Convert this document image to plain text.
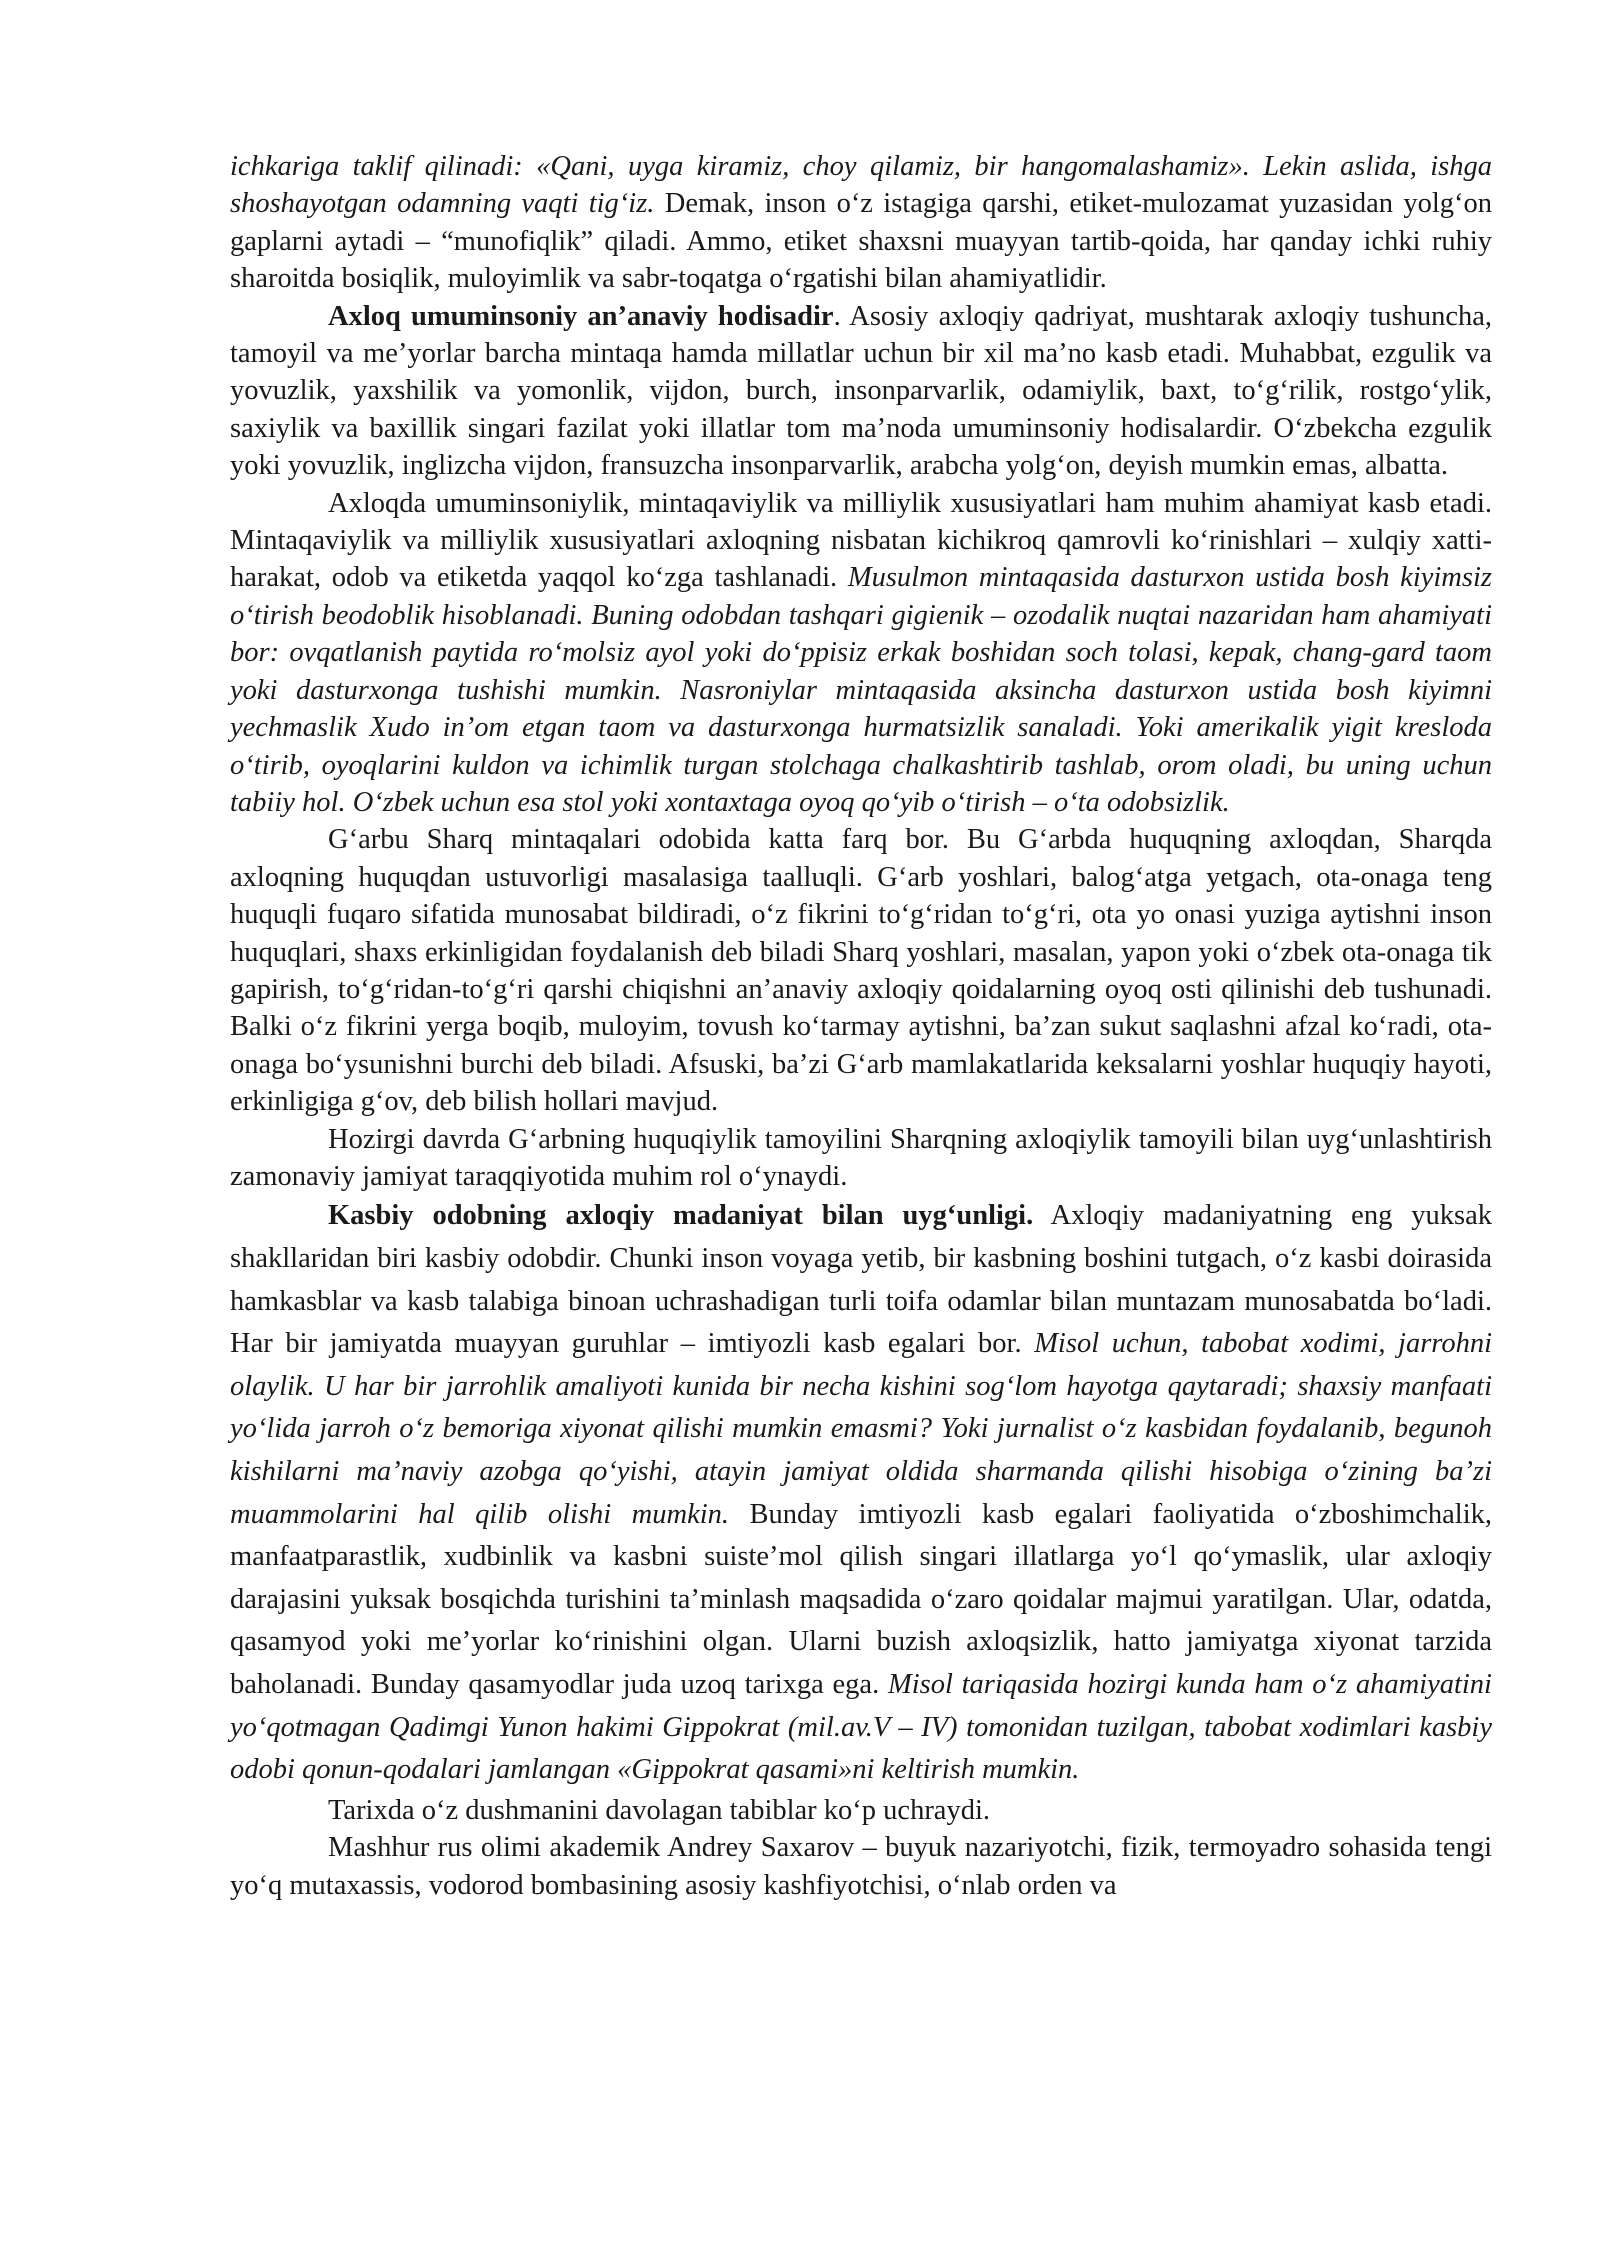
ichkariga taklif qilinadi: «Qani, uyga kiramiz, choy qilamiz, bir hangomalashamiz». Lekin aslida, ishga shoshayotgan odamning vaqti tig‘iz. Demak, inson o‘z istagiga qarshi, etiket-mulozamat yuzasidan yolg‘on gaplarni aytadi – “munofiqlik” qiladi. Ammo, etiket shaxsni muayyan tartib-qoida, har qanday ichki ruhiy sharoitda bosiqlik, muloyimlik va sabr-toqatga o‘rgatishi bilan ahamiyatlidir.

Axloq umuminsoniy an’anaviy hodisadir. Asosiy axloqiy qadriyat, mushtarak axloqiy tushuncha, tamoyil va me’yorlar barcha mintaqa hamda millatlar uchun bir xil ma’no kasb etadi. Muhabbat, ezgulik va yovuzlik, yaxshilik va yomonlik, vijdon, burch, insonparvarlik, odamiylik, baxt, to‘g‘rilik, rostgo‘ylik, saxiylik va baxillik singari fazilat yoki illatlar tom ma’noda umuminsoniy hodisalardir. O‘zbekcha ezgulik yoki yovuzlik, inglizcha vijdon, fransuzcha insonparvarlik, arabcha yolg‘on, deyish mumkin emas, albatta.

Axloqda umuminsoniylik, mintaqaviylik va milliylik xususiyatlari ham muhim ahamiyat kasb etadi. Mintaqaviylik va milliylik xususiyatlari axloqning nisbatan kichikroq qamrovli ko‘rinishlari – xulqiy xatti-harakat, odob va etiketda yaqqol ko‘zga tashlanadi. Musulmon mintaqasida dasturxon ustida bosh kiyimsiz o‘tirish beodoblik hisoblanadi. Buning odobdan tashqari gigienik – ozodalik nuqtai nazaridan ham ahamiyati bor: ovqatlanish paytida ro‘molsiz ayol yoki do‘ppisiz erkak boshidan soch tolasi, kepak, chang-gard taom yoki dasturxonga tushishi mumkin. Nasroniylar mintaqasida aksincha dasturxon ustida bosh kiyimni yechmaslik Xudo in’om etgan taom va dasturxonga hurmatsizlik sanaladi. Yoki amerikalik yigit kresloda o‘tirib, oyoqlarini kuldon va ichimlik turgan stolchaga chalkashtirib tashlab, orom oladi, bu uning uchun tabiiy hol. O‘zbek uchun esa stol yoki xontaxtaga oyoq qo‘yib o‘tirish – o‘ta odobsizlik.

G‘arbu Sharq mintaqalari odobida katta farq bor. Bu G‘arbda huquqning axloqdan, Sharqda axloqning huquqdan ustuvorligi masalasiga taalluqli. G‘arb yoshlari, balog‘atga yetgach, ota-onaga teng huquqli fuqaro sifatida munosabat bildiradi, o‘z fikrini to‘g‘ridan to‘g‘ri, ota yo onasi yuziga aytishni inson huquqlari, shaxs erkinligidan foydalanish deb biladi Sharq yoshlari, masalan, yapon yoki o‘zbek ota-onaga tik gapirish, to‘g‘ridan-to‘g‘ri qarshi chiqishni an’anaviy axloqiy qoidalarning oyoq osti qilinishi deb tushunadi. Balki o‘z fikrini yerga boqib, muloyim, tovush ko‘tarmay aytishni, ba’zan sukut saqlashni afzal ko‘radi, ota-onaga bo‘ysunishni burchi deb biladi. Afsuski, ba’zi G‘arb mamlakatlarida keksalarni yoshlar huquqiy hayoti, erkinligiga g‘ov, deb bilish hollari mavjud.

Hozirgi davrda G‘arbning huquqiylik tamoyilini Sharqning axloqiylik tamoyili bilan uyg‘unlashtirish zamonaviy jamiyat taraqqiyotida muhim rol o‘ynaydi.

Kasbiy odobning axloqiy madaniyat bilan uyg‘unligi. Axloqiy madaniyatning eng yuksak shakllaridan biri kasbiy odobdir. Chunki inson voyaga yetib, bir kasbning boshini tutgach, o‘z kasbi doirasida hamkasblar va kasb talabiga binoan uchrashadigan turli toifa odamlar bilan muntazam munosabatda bo‘ladi. Har bir jamiyatda muayyan guruhlar – imtiyozli kasb egalari bor. Misol uchun, tabobat xodimi, jarrohni olaylik. U har bir jarrohlik amaliyoti kunida bir necha kishini sog‘lom hayotga qaytaradi; shaxsiy manfaati yo‘lida jarroh o‘z bemoriga xiyonat qilishi mumkin emasmi? Yoki jurnalist o‘z kasbidan foydalanib, begunoh kishilarni ma’naviy azobga qo‘yishi, atayin jamiyat oldida sharmanda qilishi hisobiga o‘zining ba’zi muammolarini hal qilib olishi mumkin. Bunday imtiyozli kasb egalari faoliyatida o‘zboshimchalik, manfaatparastlik, xudbinlik va kasbni suiste’mol qilish singari illatlarga yo‘l qo‘ymaslik, ular axloqiy darajasini yuksak bosqichda turishini ta’minlash maqsadida o‘zaro qoidalar majmui yaratilgan. Ular, odatda, qasamyod yoki me’yorlar ko‘rinishini olgan. Ularni buzish axloqsizlik, hatto jamiyatga xiyonat tarzida baholanadi. Bunday qasamyodlar juda uzoq tarixga ega. Misol tariqasida hozirgi kunda ham o‘z ahamiyatini yo‘qotmagan Qadimgi Yunon hakimi Gippokrat (mil.av.V – IV) tomonidan tuzilgan, tabobat xodimlari kasbiy odobi qonun-qodalari jamlangan «Gippokrat qasami»ni keltirish mumkin.

Tarixda o‘z dushmanini davolagan tabiblar ko‘p uchraydi.

Mashhur rus olimi akademik Andrey Saxarov – buyuk nazariyotchi, fizik, termoyadro sohasida tengi yo‘q mutaxassis, vodorod bombasining asosiy kashfiyotchisi, o‘nlab orden va
